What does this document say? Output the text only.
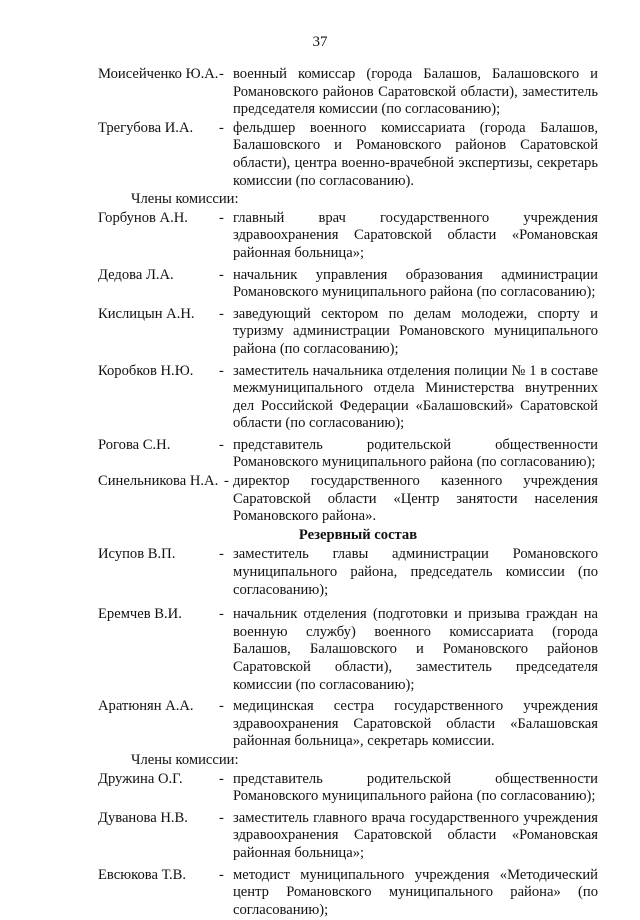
37
Моисейченко Ю.А. - военный комиссар (города Балашов, Балашовского и Романовского районов Саратовской области), заместитель председателя комиссии (по согласованию);
Трегубова И.А.	- фельдшер военного комиссариата (города Балашов, Балашовского и Романовского районов Саратовской области), центра военно-врачебной экспертизы, секретарь комиссии (по согласованию).
Члены комиссии:
Горбунов А.Н.	- главный врач государственного учреждения здравоохранения Саратовской области «Романовская районная больница»;
Дедова Л.А.	- начальник управления образования администрации Романовского муниципального района (по согласованию);
Кислицын А.Н.	- заведующий сектором по делам молодежи, спорту и туризму администрации Романовского муниципального района (по согласованию);
Коробков Н.Ю.	- заместитель начальника отделения полиции № 1 в составе межмуниципального отдела Министерства внутренних дел Российской Федерации «Балашовский» Саратовской области (по согласованию);
Рогова С.Н.	- представитель родительской общественности Романовского муниципального района (по согласованию);
Синельникова Н.А. - директор государственного казенного учреждения Саратовской области «Центр занятости населения Романовского района».
Резервный состав
Исупов В.П.	- заместитель главы администрации Романовского муниципального района, председатель комиссии (по согласованию);
Еремчев В.И.	- начальник отделения (подготовки и призыва граждан на военную службу) военного комиссариата (города Балашов, Балашовского и Романовского районов Саратовской области), заместитель председателя комиссии (по согласованию);
Аратюнян А.А.	- медицинская сестра государственного учреждения здравоохранения Саратовской области «Балашовская районная больница», секретарь комиссии.
Члены комиссии:
Дружина О.Г.	- представитель родительской общественности Романовского муниципального района (по согласованию);
Дуванова Н.В.	- заместитель главного врача государственного учреждения здравоохранения Саратовской области «Романовская районная больница»;
Евсюкова Т.В.	- методист муниципального учреждения «Методический центр Романовского муниципального района» (по согласованию);
